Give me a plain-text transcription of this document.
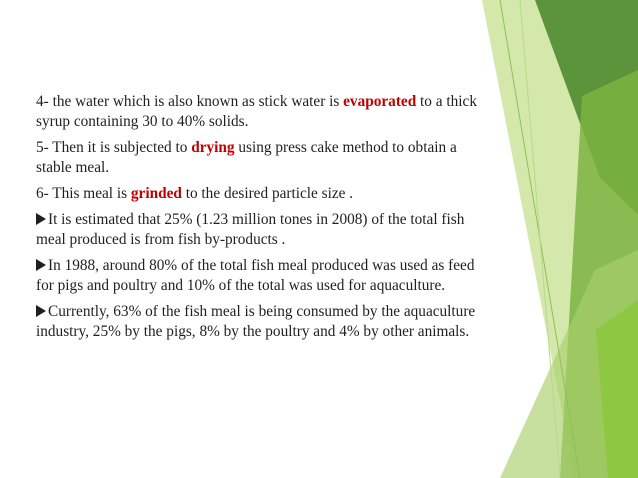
4- the water which is also known as stick water is evaporated to a thick syrup containing 30 to 40% solids.

5- Then it is subjected to drying using press cake method to obtain a stable meal.

6- This meal is grinded to the desired particle size .

It is estimated that 25% (1.23 million tones in 2008) of the total fish meal produced is from fish by-products .

In 1988, around 80% of the total fish meal produced was used as feed for pigs and poultry and 10% of the total was used for aquaculture.

Currently, 63% of the fish meal is being consumed by the aquaculture industry, 25% by the pigs, 8% by the poultry and 4% by other animals.
